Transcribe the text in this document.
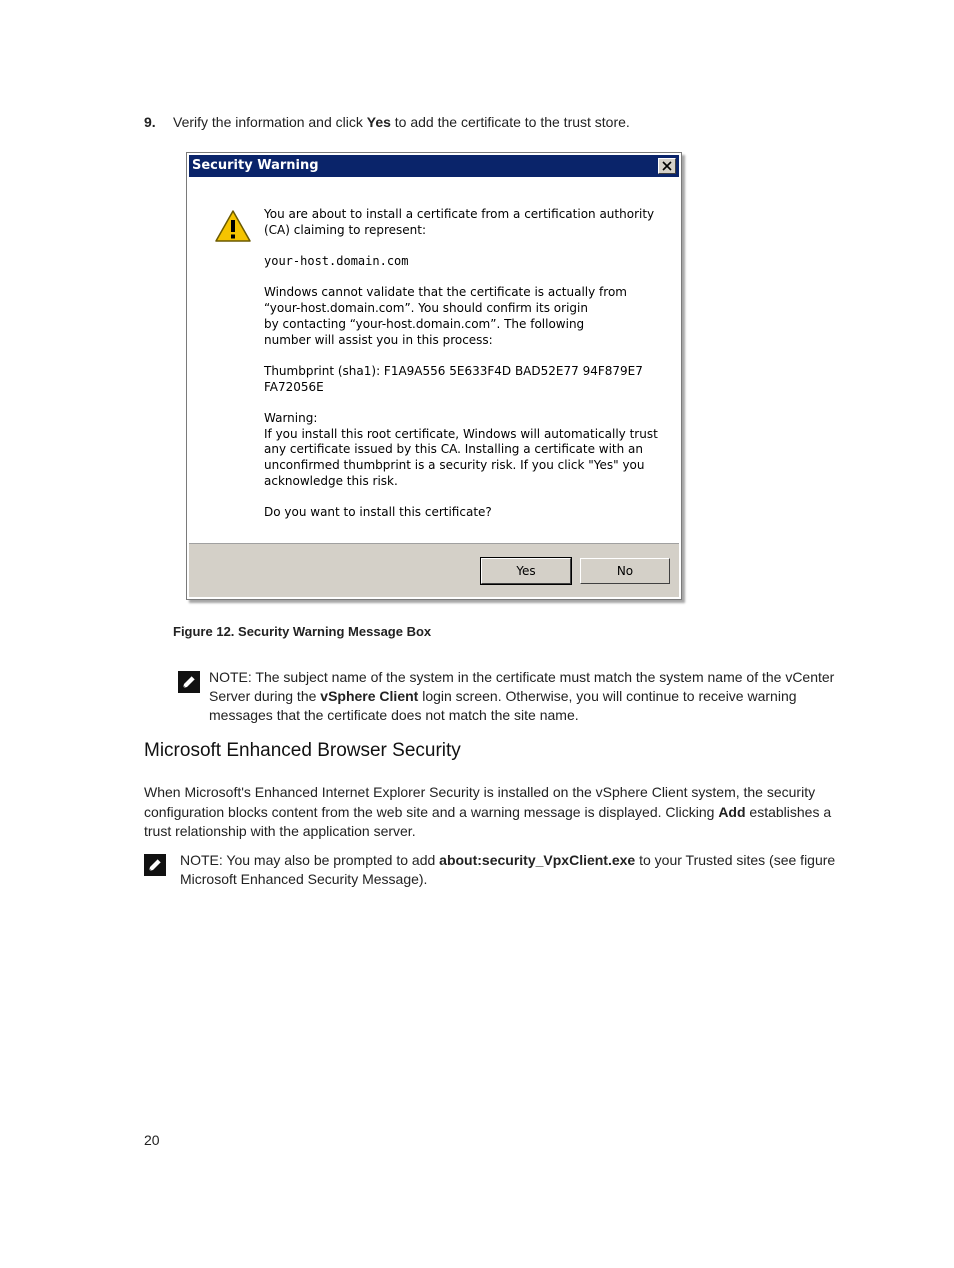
9. Verify the information and click Yes to add the certificate to the trust store.
Security Warning

You are about to install a certificate from a certification authority
(CA) claiming to represent:

your-host.domain.com

Windows cannot validate that the certificate is actually from
“your-host.domain.com”. You should confirm its origin
by contacting “your-host.domain.com”. The following
number will assist you in this process:

Thumbprint (sha1): F1A9A556 5E633F4D BAD52E77 94F879E7
FA72056E

Warning:
If you install this root certificate, Windows will automatically trust
any certificate issued by this CA. Installing a certificate with an
unconfirmed thumbprint is a security risk. If you click "Yes" you
acknowledge this risk.

Do you want to install this certificate?

Yes	No
Figure 12. Security Warning Message Box
NOTE: The subject name of the system in the certificate must match the system name of the vCenter Server during the vSphere Client login screen. Otherwise, you will continue to receive warning messages that the certificate does not match the site name.
Microsoft Enhanced Browser Security
When Microsoft's Enhanced Internet Explorer Security is installed on the vSphere Client system, the security configuration blocks content from the web site and a warning message is displayed. Clicking Add establishes a trust relationship with the application server.
NOTE: You may also be prompted to add about:security_VpxClient.exe to your Trusted sites (see figure Microsoft Enhanced Security Message).
20
